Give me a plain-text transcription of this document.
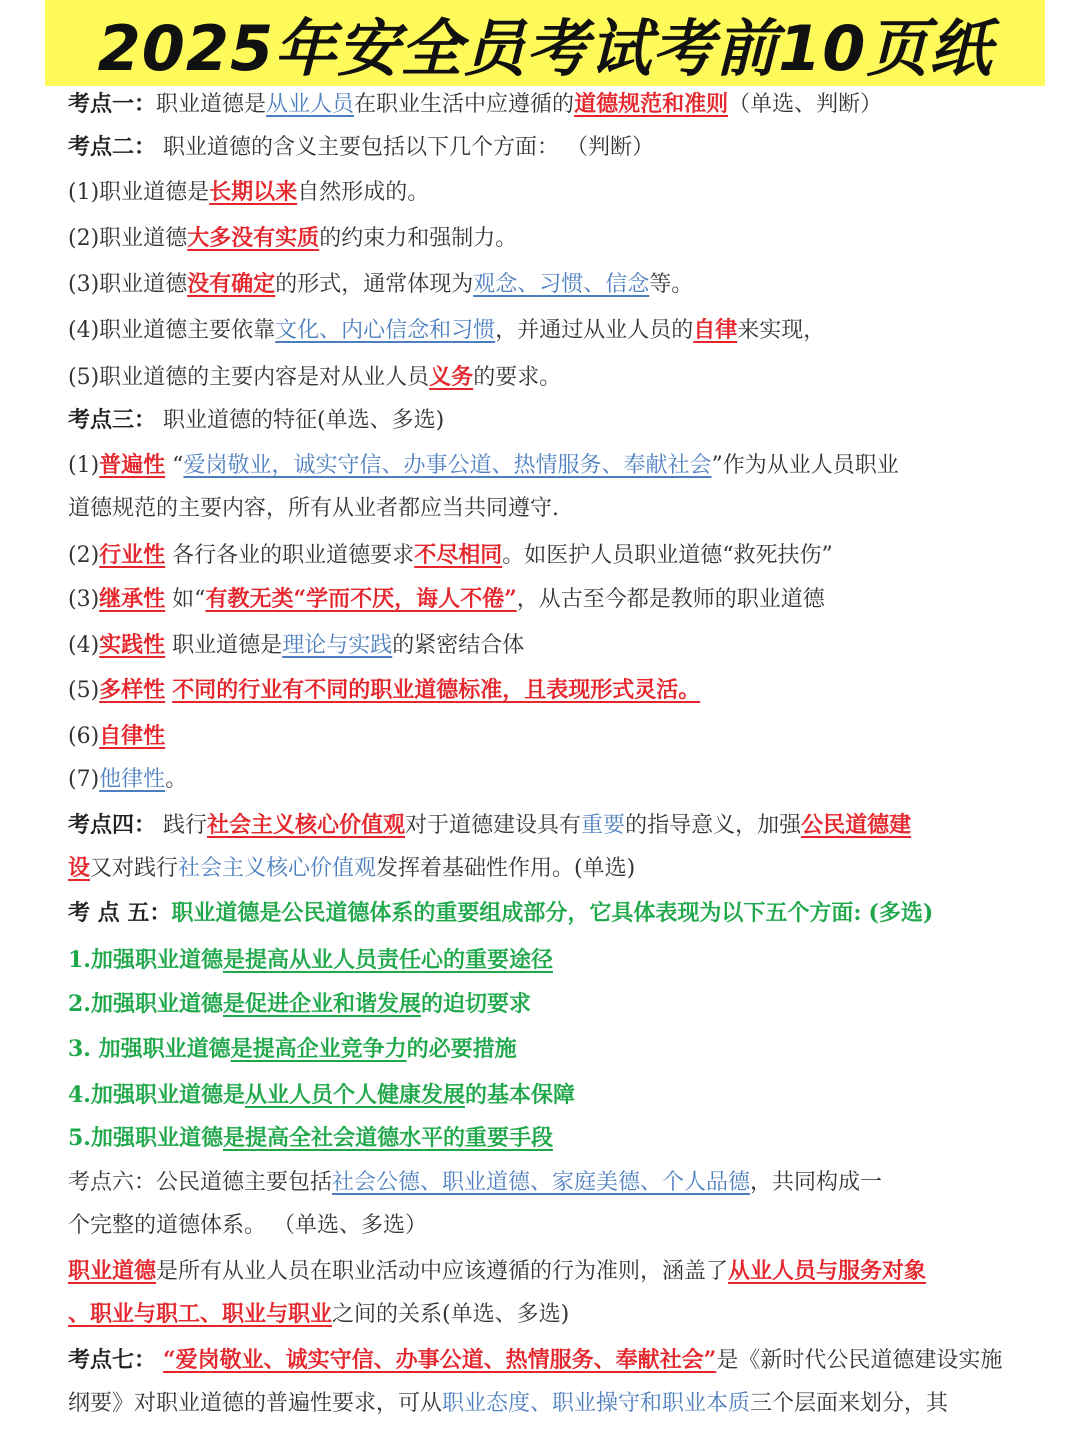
2025年安全员考试考前10页纸
考点一：职业道德是从业人员在职业生活中应遵循的道德规范和准则（单选、判断）
考点二： 职业道德的含义主要包括以下几个方面： （判断）
(1)职业道德是长期以来自然形成的。
(2)职业道德大多没有实质的约束力和强制力。
(3)职业道德没有确定的形式，通常体现为观念、习惯、信念等。
(4)职业道德主要依靠文化、内心信念和习惯，并通过从业人员的自律来实现，
(5)职业道德的主要内容是对从业人员义务的要求。
考点三： 职业道德的特征(单选、多选)
(1)普遍性 “爱岗敬业，诚实守信、办事公道、热情服务、奉献社会”作为从业人员职业
道德规范的主要内容，所有从业者都应当共同遵守.
(2)行业性 各行各业的职业道德要求不尽相同。如医护人员职业道德“救死扶伤”
(3)继承性 如“有教无类“学而不厌，诲人不倦”，从古至今都是教师的职业道德
(4)实践性 职业道德是理论与实践的紧密结合体
(5)多样性 不同的行业有不同的职业道德标准，且表现形式灵活。
(6)自律性
(7)他律性。
考点四： 践行社会主义核心价值观对于道德建设具有重要的指导意义，加强公民道德建
设又对践行社会主义核心价值观发挥着基础性作用。(单选)
考 点 五：职业道德是公民道德体系的重要组成部分，它具体表现为以下五个方面: (多选)
1.加强职业道德是提高从业人员责任心的重要途径
2.加强职业道德是促进企业和谐发展的迫切要求
3. 加强职业道德是提高企业竞争力的必要措施
4.加强职业道德是从业人员个人健康发展的基本保障
5.加强职业道德是提高全社会道德水平的重要手段
考点六：公民道德主要包括社会公德、职业道德、家庭美德、个人品德，共同构成一
个完整的道德体系。 （单选、多选）
职业道德是所有从业人员在职业活动中应该遵循的行为准则，涵盖了从业人员与服务对象
、职业与职工、职业与职业之间的关系(单选、多选)
考点七： “爱岗敬业、诚实守信、办事公道、热情服务、奉献社会”是《新时代公民道德建设实施
纲要》对职业道德的普遍性要求，可从职业态度、职业操守和职业本质三个层面来划分，其
